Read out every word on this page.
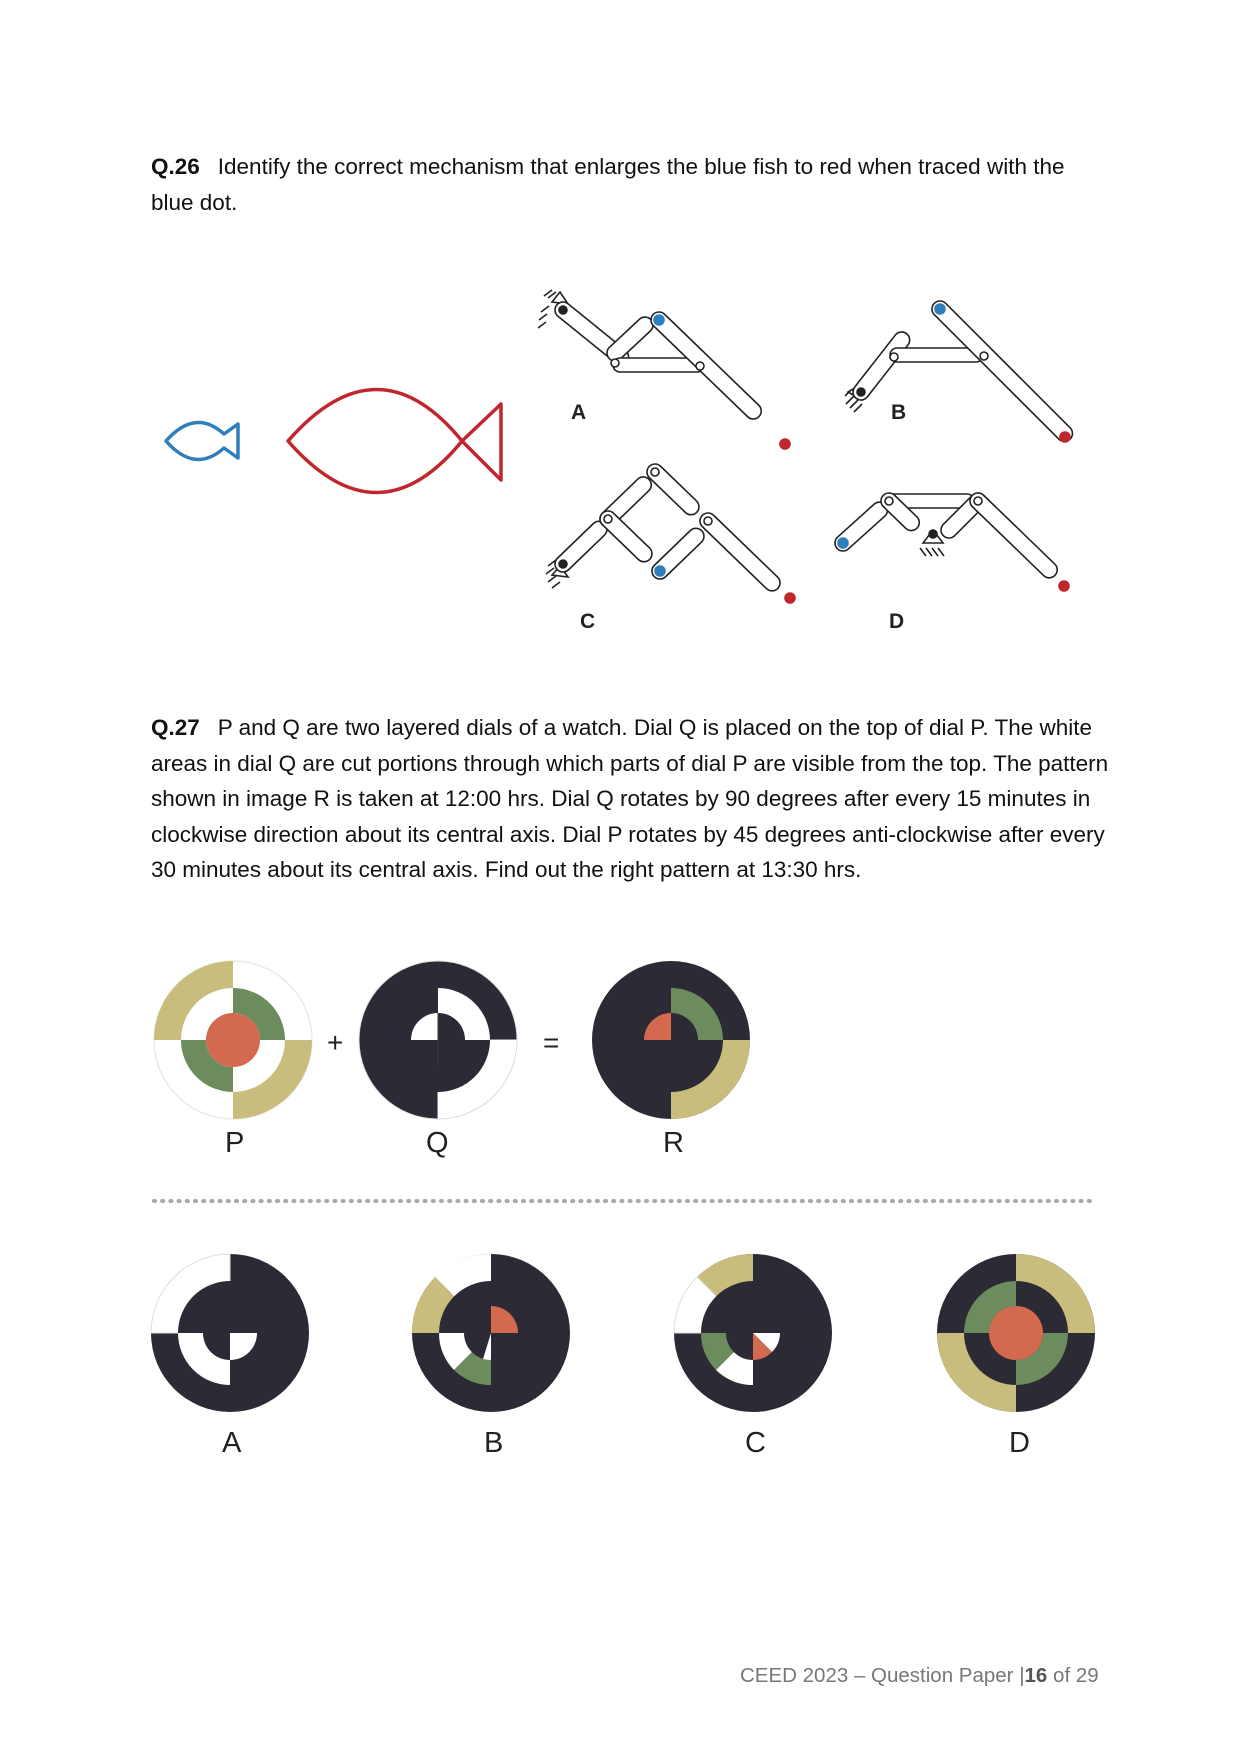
Q.26 Identify the correct mechanism that enlarges the blue fish to red when traced with the blue dot.
A	B
C	D
Q.27 P and Q are two layered dials of a watch. Dial Q is placed on the top of dial P. The white areas in dial Q are cut portions through which parts of dial P are visible from the top. The pattern shown in image R is taken at 12:00 hrs. Dial Q rotates by 90 degrees after every 15 minutes in clockwise direction about its central axis. Dial P rotates by 45 degrees anti-clockwise after every 30 minutes about its central axis. Find out the right pattern at 13:30 hrs.
+	=
P	Q	R
A	B	C	D
CEED 2023 – Question Paper |16 of 29
